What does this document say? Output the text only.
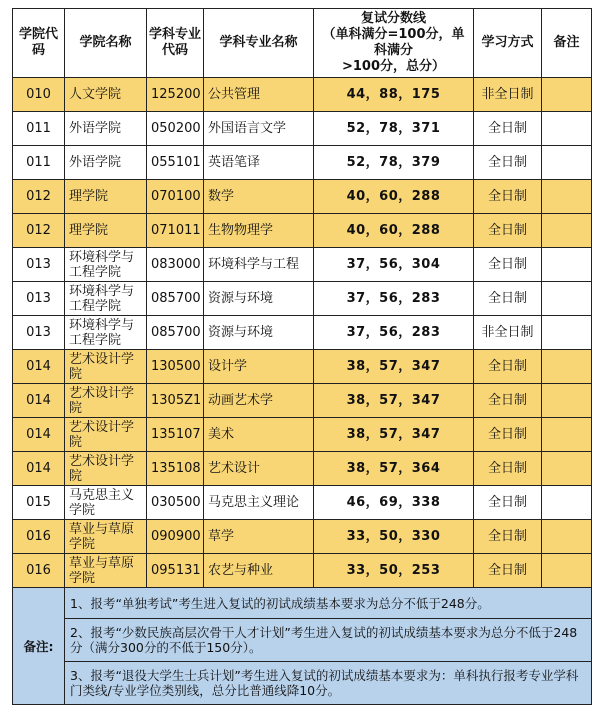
学院代码	学院名称	学科专业代码	学科专业名称	复试分数线
（单科满分=100分，单科满分
>100分，总分）	学习方式	备注
010	人文学院	125200	公共管理	44，88，175	非全日制	
011	外语学院	050200	外国语言文学	52，78，371	全日制	
011	外语学院	055101	英语笔译	52，78，379	全日制	
012	理学院	070100	数学	40，60，288	全日制	
012	理学院	071011	生物物理学	40，60，288	全日制	
013	环境科学与工程学院	083000	环境科学与工程	37，56，304	全日制	
013	环境科学与工程学院	085700	资源与环境	37，56，283	全日制	
013	环境科学与工程学院	085700	资源与环境	37，56，283	非全日制	
014	艺术设计学院	130500	设计学	38，57，347	全日制	
014	艺术设计学院	1305Z1	动画艺术学	38，57，347	全日制	
014	艺术设计学院	135107	美术	38，57，347	全日制	
014	艺术设计学院	135108	艺术设计	38，57，364	全日制	
015	马克思主义学院	030500	马克思主义理论	46，69，338	全日制	
016	草业与草原学院	090900	草学	33，50，330	全日制	
016	草业与草原学院	095131	农艺与种业	33，50，253	全日制	
备注:	1、报考“单独考试”考生进入复试的初试成绩基本要求为总分不低于248分。					
	2、报考“少数民族高层次骨干人才计划”考生进入复试的初试成绩基本要求为总分不低于248分（满分300分的不低于150分）。					
	3、报考“退役大学生士兵计划”考生进入复试的初试成绩基本要求为：单科执行报考专业学科门类线/专业学位类别线，总分比普通线降10分。					
